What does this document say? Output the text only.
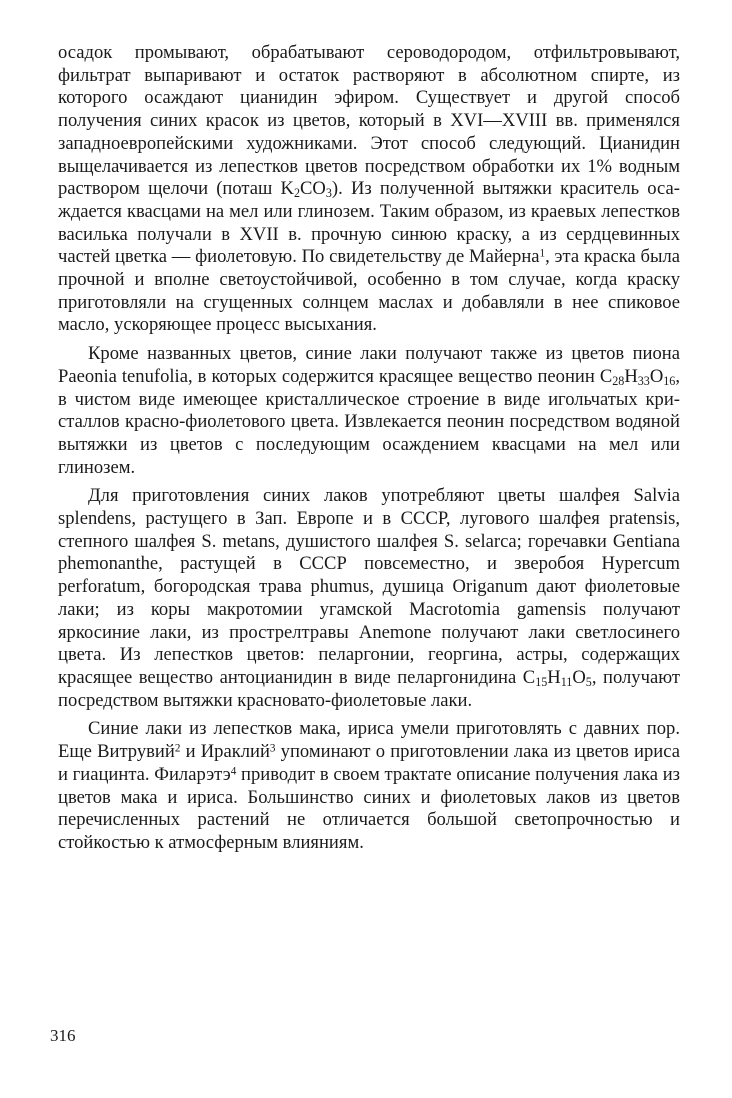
осадок промывают, обрабатывают сероводородом, отфильтровывают, фильтрат выпаривают и остаток растворяют в абсолютном спирте, из которого осаждают цианидин эфиром. Существует и другой способ получения синих красок из цветов, который в XVI—XVIII вв. применялся западноевропейскими художниками. Этот способ следующий. Цианидин выщелачивается из лепестков цветов посредством обработки их 1% водным раствором щелочи (поташ $K_2CO_3$). Из полученной вытяжки краситель осаждается квасцами на мел или глинозем. Таким образом, из краевых лепестков василька получали в XVII в. прочную синюю краску, а из сердцевинных частей цветка — фиолетовую. По свидетельству де Майерна$^1$, эта краска была прочной и вполне светоустойчивой, особенно в том случае, когда краску приготовляли на сгущенных солнцем маслах и добавляли в нее спиковое масло, ускоряющее процесс высыхания.

Кроме названных цветов, синие лаки получают также из цветов пиона Paeonia tenufolia, в которых содержится красящее вещество пеонин $C_{28}H_{33}O_{16}$, в чистом виде имеющее кристаллическое строение в виде игольчатых кристаллов красно-фиолетового цвета. Извлекается пеонин посредством водяной вытяжки из цветов с последующим осаждением квасцами на мел или глинозем.

Для приготовления синих лаков употребляют цветы шалфея Salvia splendens, растущего в Зап. Европе и в СССР, лугового шалфея pratensis, степного шалфея S. metans, душистого шалфея S. selarca; горечавки Gentiana phemonanthe, растущей в СССР повсеместно, и зверобоя Hypercum perforatum, богородская трава phumus, душица Origanum дают фиолетовые лаки; из коры макротомии угамской Macrotomia gamensis получают яркосиние лаки, из прострелтравы Anemone получают лаки светлосинего цвета. Из лепестков цветов: пеларгонии, георгина, астры, содержащих красящее вещество антоцианидин в виде пеларгонидина $C_{15}H_{11}O_5$, получают посредством вытяжки красновато-фиолетовые лаки.

Синие лаки из лепестков мака, ириса умели приготовлять с давних пор. Еще Витрувий$^2$ и Ираклий$^3$ упоминают о приготовлении лака из цветов ириса и гиацинта. Филарэтэ$^4$ приводит в своем трактате описание получения лака из цветов мака и ириса. Большинство синих и фиолетовых лаков из цветов перечисленных растений не отличается большой светопрочностью и стойкостью к атмосферным влияниям.

316
